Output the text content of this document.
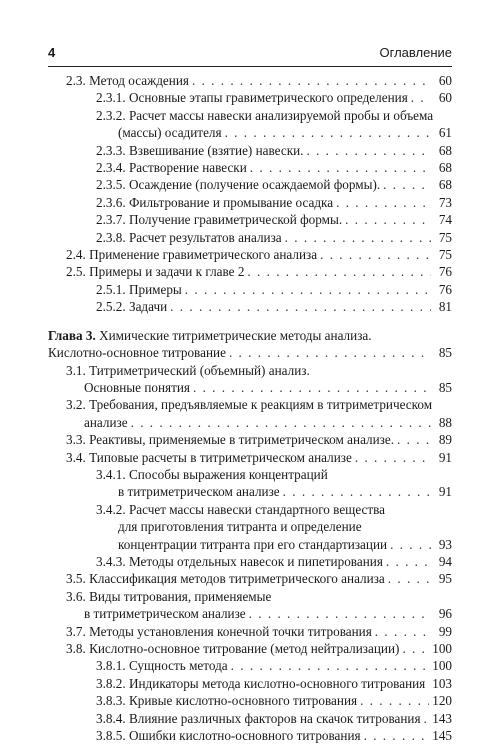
4	Оглавление
2.3. Метод осаждения . . .	60
2.3.1. Основные этапы гравиметрического определения . . .	60
2.3.2. Расчет массы навески анализируемой пробы и объема
(массы) осадителя . . .	61
2.3.3. Взвешивание (взятие) навески. . . .	68
2.3.4. Растворение навески . . .	68
2.3.5. Осаждение (получение осаждаемой формы). . . .	68
2.3.6. Фильтрование и промывание осадка . . .	73
2.3.7. Получение гравиметрической формы. . . .	74
2.3.8. Расчет результатов анализа . . .	75
2.4. Применение гравиметрического анализа . . .	75
2.5. Примеры и задачи к главе 2 . . .	76
2.5.1. Примеры . . .	76
2.5.2. Задачи . . .	81
Глава 3. Химические титриметрические методы анализа.
Кислотно-основное титрование . . .	85
3.1. Титриметрический (объемный) анализ.
Основные понятия . . .	85
3.2. Требования, предъявляемые к реакциям в титриметрическом
анализе . . .	88
3.3. Реактивы, применяемые в титриметрическом анализе. . . .	89
3.4. Типовые расчеты в титриметрическом анализе . . .	91
3.4.1. Способы выражения концентраций
в титриметрическом анализе . . .	91
3.4.2. Расчет массы навески стандартного вещества
для приготовления титранта и определение
концентрации титранта при его стандартизации . . .	93
3.4.3. Методы отдельных навесок и пипетирования . . .	94
3.5. Классификация методов титриметрического анализа . . .	95
3.6. Виды титрования, применяемые
в титриметрическом анализе . . .	96
3.7. Методы установления конечной точки титрования . . .	99
3.8. Кислотно-основное титрование (метод нейтрализации) . . . 100
3.8.1. Сущность метода . . .	100
3.8.2. Индикаторы метода кислотно-основного титрования . . . 103
3.8.3. Кривые кислотно-основного титрования . . .	120
3.8.4. Влияние различных факторов на скачок титрования . . . 143
3.8.5. Ошибки кислотно-основного титрования . . .	145
